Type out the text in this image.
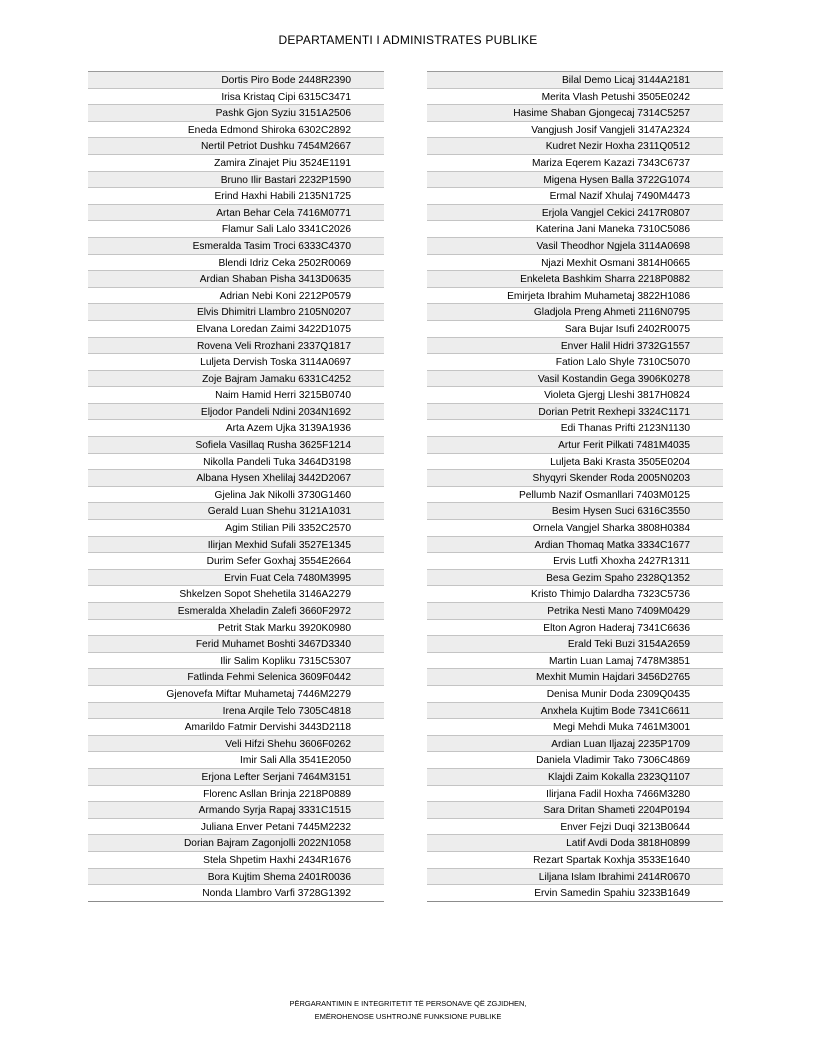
DEPARTAMENTI I ADMINISTRATES PUBLIKE
Dortis Piro Bode 2448R2390
Irisa Kristaq Cipi 6315C3471
Pashk Gjon Syziu 3151A2506
Eneda Edmond Shiroka 6302C2892
Nertil Petriot Dushku 7454M2667
Zamira Zinajet Piu 3524E1191
Bruno Ilir Bastari 2232P1590
Erind Haxhi Habili 2135N1725
Artan Behar Cela 7416M0771
Flamur Sali Lalo 3341C2026
Esmeralda Tasim Troci 6333C4370
Blendi Idriz Ceka 2502R0069
Ardian Shaban Pisha 3413D0635
Adrian Nebi Koni 2212P0579
Elvis Dhimitri Llambro 2105N0207
Elvana Loredan Zaimi 3422D1075
Rovena Veli Rrozhani 2337Q1817
Luljeta Dervish Toska 3114A0697
Zoje Bajram Jamaku 6331C4252
Naim Hamid Herri 3215B0740
Eljodor Pandeli Ndini 2034N1692
Arta Azem Ujka 3139A1936
Sofiela Vasillaq Rusha 3625F1214
Nikolla Pandeli Tuka 3464D3198
Albana Hysen Xhelilaj 3442D2067
Gjelina Jak Nikolli 3730G1460
Gerald Luan Shehu 3121A1031
Agim Stilian Pili 3352C2570
Ilirjan Mexhid Sufali 3527E1345
Durim Sefer Goxhaj 3554E2664
Ervin Fuat Cela 7480M3995
Shkelzen Sopot Shehetila 3146A2279
Esmeralda Xheladin Zalefi 3660F2972
Petrit Stak Marku 3920K0980
Ferid Muhamet Boshti 3467D3340
Ilir Salim Kopliku 7315C5307
Fatlinda Fehmi Selenica 3609F0442
Gjenovefa Miftar Muhametaj 7446M2279
Irena Arqile Telo 7305C4818
Amarildo Fatmir Dervishi 3443D2118
Veli Hifzi Shehu 3606F0262
Imir Sali Alla 3541E2050
Erjona Lefter Serjani 7464M3151
Florenc Asllan Brinja 2218P0889
Armando Syrja Rapaj 3331C1515
Juliana Enver Petani 7445M2232
Dorian Bajram Zagonjolli 2022N1058
Stela Shpetim Haxhi 2434R1676
Bora Kujtim Shema 2401R0036
Nonda Llambro Varfi 3728G1392
Bilal Demo Licaj 3144A2181
Merita Vlash Petushi 3505E0242
Hasime Shaban Gjongecaj 7314C5257
Vangjush Josif Vangjeli 3147A2324
Kudret Nezir Hoxha 2311Q0512
Mariza Eqerem Kazazi 7343C6737
Migena Hysen Balla 3722G1074
Ermal Nazif Xhulaj 7490M4473
Erjola Vangjel Cekici 2417R0807
Katerina Jani Maneka 7310C5086
Vasil Theodhor Ngjela 3114A0698
Njazi Mexhit Osmani 3814H0665
Enkeleta Bashkim Sharra 2218P0882
Emirjeta Ibrahim Muhametaj 3822H1086
Gladjola Preng Ahmeti 2116N0795
Sara Bujar Isufi 2402R0075
Enver Halil Hidri 3732G1557
Fation Lalo Shyle 7310C5070
Vasil Kostandin Gega 3906K0278
Violeta Gjergj Lleshi 3817H0824
Dorian Petrit Rexhepi 3324C1171
Edi Thanas Prifti 2123N1130
Artur Ferit Pilkati 7481M4035
Luljeta Baki Krasta 3505E0204
Shyqyri Skender Roda 2005N0203
Pellumb Nazif Osmanllari 7403M0125
Besim Hysen Suci 6316C3550
Ornela Vangjel Sharka 3808H0384
Ardian Thomaq Matka 3334C1677
Ervis Lutfi Xhoxha 2427R1311
Besa Gezim Spaho 2328Q1352
Kristo Thimjo Dalardha 7323C5736
Petrika Nesti Mano 7409M0429
Elton Agron Haderaj 7341C6636
Erald Teki Buzi 3154A2659
Martin Luan Lamaj 7478M3851
Mexhit Mumin Hajdari 3456D2765
Denisa Munir Doda 2309Q0435
Anxhela Kujtim Bode 7341C6611
Megi Mehdi Muka 7461M3001
Ardian Luan Iljazaj 2235P1709
Daniela Vladimir Tako 7306C4869
Klajdi Zaim Kokalla 2323Q1107
Ilirjana Fadil Hoxha 7466M3280
Sara Dritan Shameti 2204P0194
Enver Fejzi Duqi 3213B0644
Latif Avdi Doda 3818H0899
Rezart Spartak Koxhja 3533E1640
Liljana Islam Ibrahimi 2414R0670
Ervin Samedin Spahiu 3233B1649
PËRGARANTIMIN E INTEGRITETIT TË PERSONAVE QË ZGJIDHEN,
EMËROHENOSE USHTROJNË FUNKSIONE PUBLIKE
